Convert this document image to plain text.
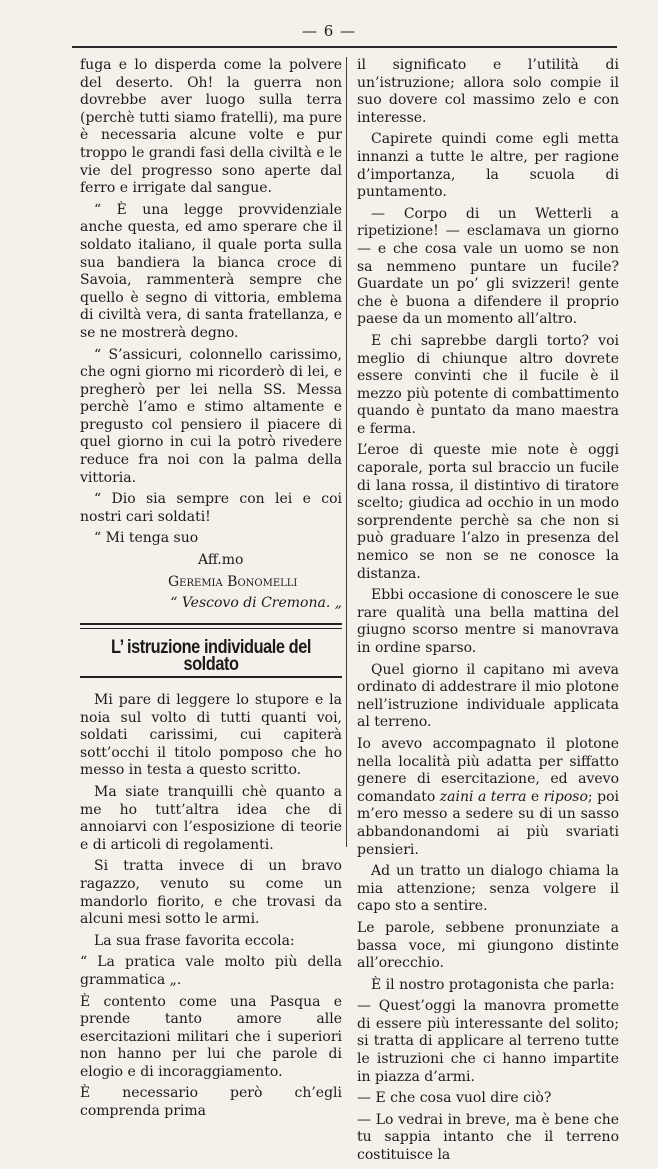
— 6 —

fuga e lo disperda come la polvere del deserto. Oh! la guerra non dovrebbe aver luogo sulla terra (perchè tutti siamo fratelli), ma pure è necessaria alcune volte e pur troppo le grandi fasi della civiltà e le vie del progresso sono aperte dal ferro e irrigate dal sangue.

“ È una legge provvidenziale anche questa, ed amo sperare che il soldato italiano, il quale porta sulla sua bandiera la bianca croce di Savoia, rammenterà sempre che quello è segno di vittoria, emblema di civiltà vera, di santa fratellanza, e se ne mostrerà degno.

“ S’assicuri, colonnello carissimo, che ogni giorno mi ricorderò di lei, e pregherò per lei nella SS. Messa perchè l’amo e stimo altamente e pregusto col pensiero il piacere di quel giorno in cui la potrò rivedere reduce fra noi con la palma della vittoria.

“ Dio sia sempre con lei e coi nostri cari soldati!

“ Mi tenga suo

Aff.mo

Geremia Bonomelli

“ Vescovo di Cremona. „

L’ istruzione individuale del soldato

Mi pare di leggere lo stupore e la noia sul volto di tutti quanti voi, soldati carissimi, cui capiterà sott’occhi il titolo pomposo che ho messo in testa a questo scritto.

Ma siate tranquilli chè quanto a me ho tutt’altra idea che di annoiarvi con l’esposizione di teorie e di articoli di regolamenti.

Si tratta invece di un bravo ragazzo, venuto su come un mandorlo fiorito, e che trovasi da alcuni mesi sotto le armi.

La sua frase favorita eccola:

“ La pratica vale molto più della grammatica „.

È contento come una Pasqua e prende tanto amore alle esercitazioni militari che i superiori non hanno per lui che parole di elogio e di incoraggiamento.

È necessario però ch’egli comprenda prima

il significato e l’utilità di un’istruzione; allora solo compie il suo dovere col massimo zelo e con interesse.

Capirete quindi come egli metta innanzi a tutte le altre, per ragione d’importanza, la scuola di puntamento.

— Corpo di un Wetterli a ripetizione! — esclamava un giorno — e che cosa vale un uomo se non sa nemmeno puntare un fucile? Guardate un po’ gli svizzeri! gente che è buona a difendere il proprio paese da un momento all’altro.

E chi saprebbe dargli torto? voi meglio di chiunque altro dovrete essere convinti che il fucile è il mezzo più potente di combattimento quando è puntato da mano maestra e ferma.

L’eroe di queste mie note è oggi caporale, porta sul braccio un fucile di lana rossa, il distintivo di tiratore scelto; giudica ad occhio in un modo sorprendente perchè sa che non si può graduare l’alzo in presenza del nemico se non se ne conosce la distanza.

Ebbi occasione di conoscere le sue rare qualità una bella mattina del giugno scorso mentre si manovrava in ordine sparso.

Quel giorno il capitano mi aveva ordinato di addestrare il mio plotone nell’istruzione individuale applicata al terreno.

Io avevo accompagnato il plotone nella località più adatta per siffatto genere di esercitazione, ed avevo comandato zaini a terra e riposo; poi m’ero messo a sedere su di un sasso abbandonandomi ai più svariati pensieri.

Ad un tratto un dialogo chiama la mia attenzione; senza volgere il capo sto a sentire.

Le parole, sebbene pronunziate a bassa voce, mi giungono distinte all’orecchio.

È il nostro protagonista che parla:

— Quest’oggi la manovra promette di essere più interessante del solito; si tratta di applicare al terreno tutte le istruzioni che ci hanno impartite in piazza d’armi.

— E che cosa vuol dire ciò?

— Lo vedrai in breve, ma è bene che tu sappia intanto che il terreno costituisce la
